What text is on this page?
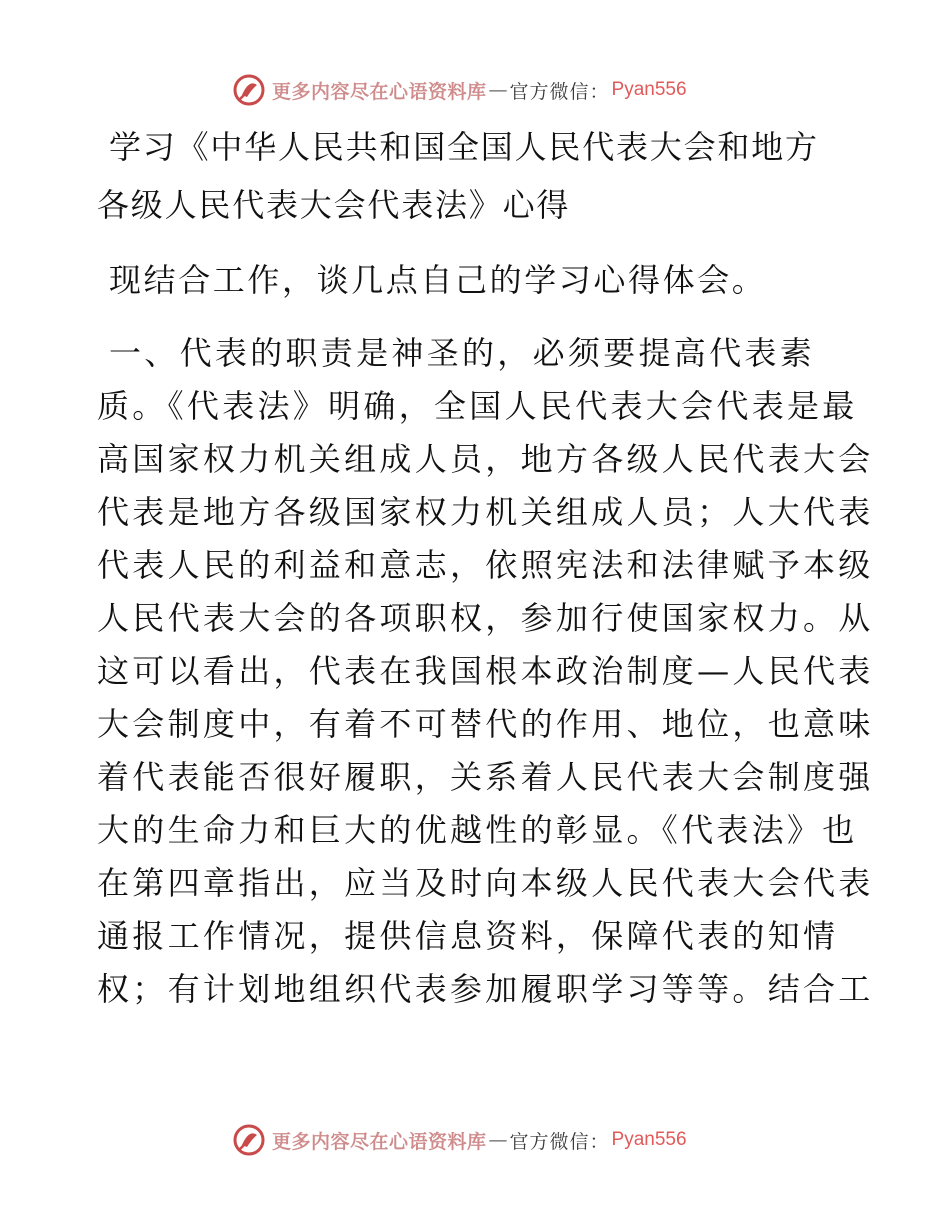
更多内容尽在心语资料库 — 官方微信： Pyan556
学习《中华人民共和国全国人民代表大会和地方
各级人民代表大会代表法》心得

现结合工作，谈几点自己的学习心得体会。

一、代表的职责是神圣的，必须要提高代表素
质。《代表法》明确，全国人民代表大会代表是最
高国家权力机关组成人员，地方各级人民代表大会
代表是地方各级国家权力机关组成人员；人大代表
代表人民的利益和意志，依照宪法和法律赋予本级
人民代表大会的各项职权，参加行使国家权力。从
这可以看出，代表在我国根本政治制度—人民代表
大会制度中，有着不可替代的作用、地位，也意味
着代表能否很好履职，关系着人民代表大会制度强
大的生命力和巨大的优越性的彰显。《代表法》也
在第四章指出，应当及时向本级人民代表大会代表
通报工作情况，提供信息资料，保障代表的知情
权；有计划地组织代表参加履职学习等等。结合工

更多内容尽在心语资料库 — 官方微信： Pyan556
